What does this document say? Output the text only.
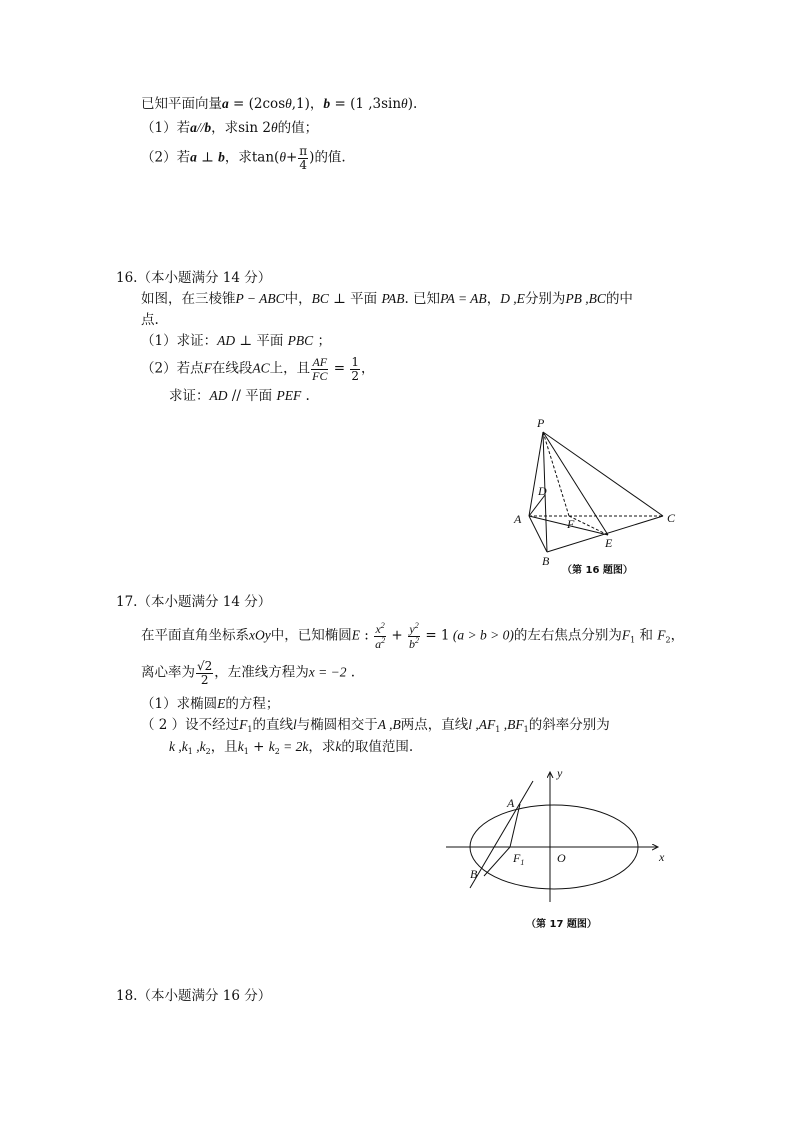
已知平面向量a = (2cosθ,1)，b = (1 ,3sinθ).
（1）若a//b，求sin 2θ的值；
（2）若a ⊥ b，求$\tan(\theta+ \frac{\pi}{4}$ )的值.
16.（本小题满分 14 分）
如图，在三棱锥P − ABC中，BC ⊥ 平面 PAB. 已知PA = AB，D ,E分别为PB ,BC的中
点.
（1）求证：AD ⊥ 平面 PBC ；
（2）若点F在线段AC上，且 $\frac{AF}{FC} = \frac{1}{2}$ ，
求证：AD // 平面 PEF .
P
D
A	F	C
E
B
（第 16 题图）
17.（本小题满分 14 分）
在平面直角坐标系xOy中，已知椭圆E : $\frac{x^2}{a^2} + \frac{y^2}{b^2} = 1$ (a > b > 0)的左右焦点分别为$F_1$ 和 $F_2$，
离心率为 $\frac{√2}{2}$ ，左准线方程为x = −2 .
（1）求椭圆E的方程；
（ 2 ）设不经过$F_1$的直线l与椭圆相交于A ,B两点，直线l $,AF_1$ $,BF_1$的斜率分别为
k $,k_1$ $,k_2$，且$k_1 + k_2 = 2k$，求k的取值范围.
y
A
$F_1$	O	x
B
（第 17 题图）
18.（本小题满分 16 分）
